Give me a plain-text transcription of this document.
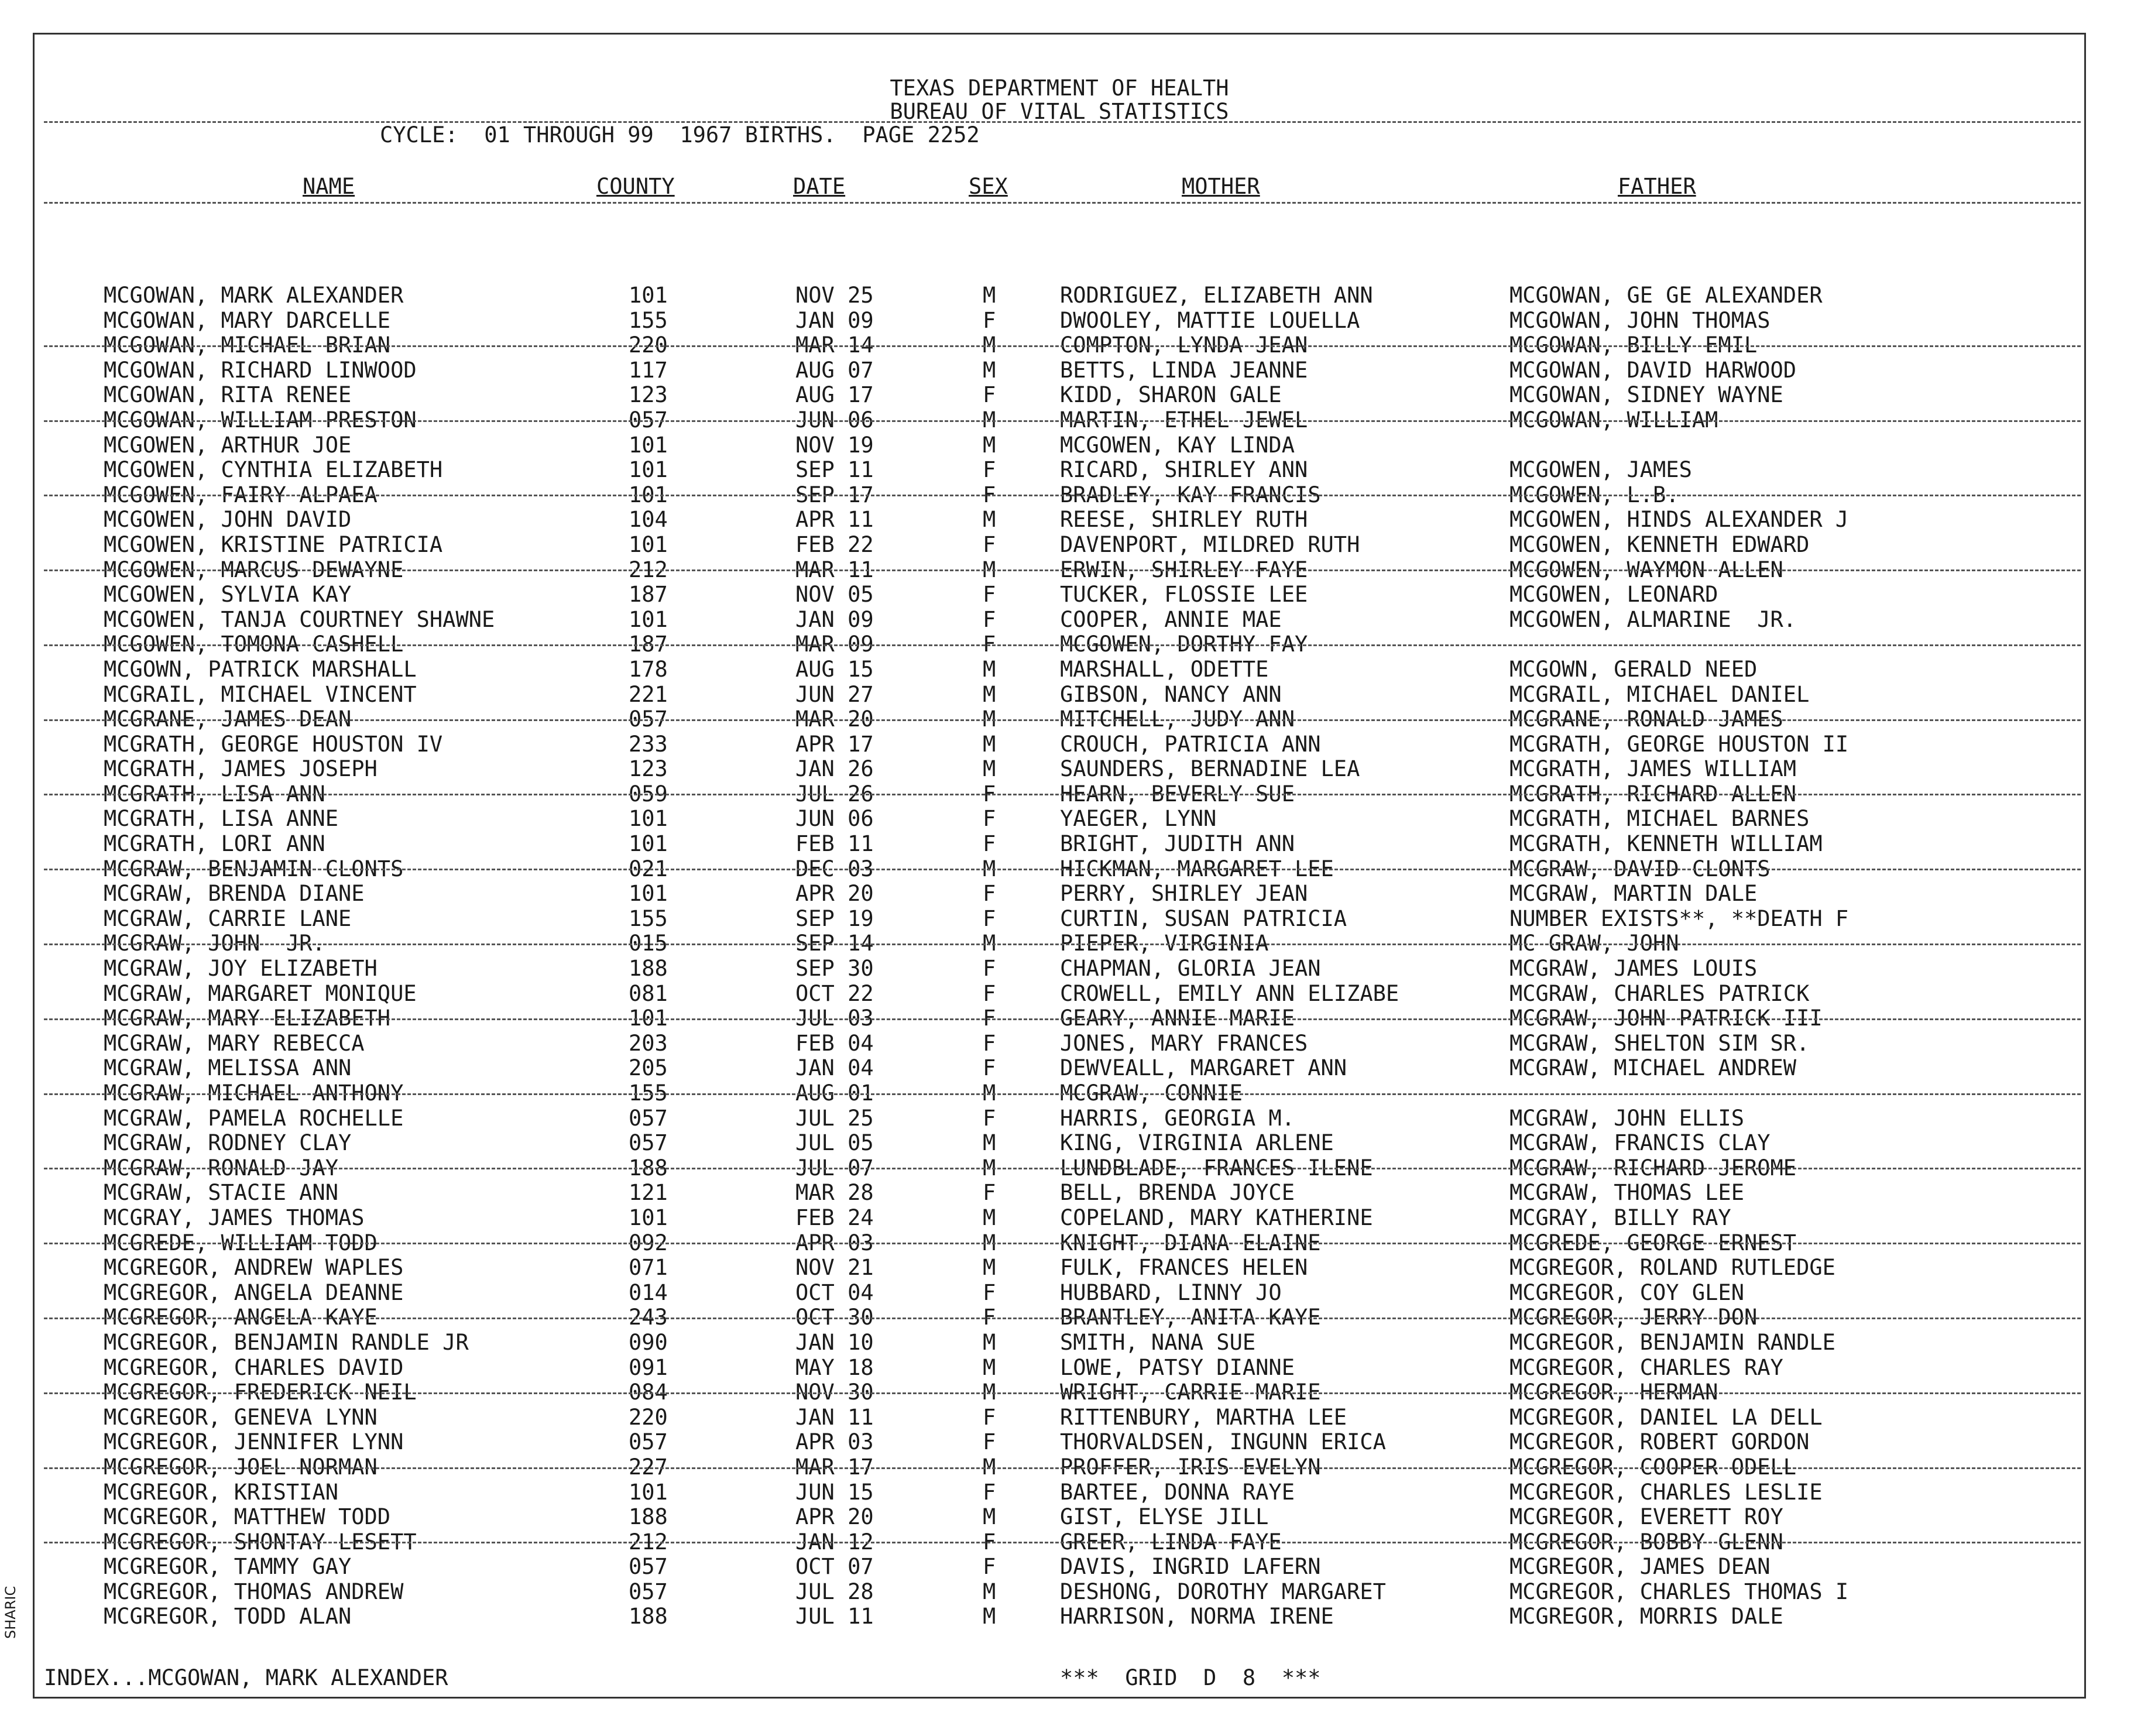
TEXAS DEPARTMENT OF HEALTH
BUREAU OF VITAL STATISTICS
CYCLE:  01 THROUGH 99  1967 BIRTHS.  PAGE 2252
NAME	COUNTY	DATE	SEX	MOTHER	FATHER
MCGOWAN, MARK ALEXANDER	101	NOV 25	M	RODRIGUEZ, ELIZABETH ANN	MCGOWAN, GE GE ALEXANDER
MCGOWAN, MARY DARCELLE	155	JAN 09	F	DWOOLEY, MATTIE LOUELLA	MCGOWAN, JOHN THOMAS
MCGOWAN, MICHAEL BRIAN	220	MAR 14	M	COMPTON, LYNDA JEAN	MCGOWAN, BILLY EMIL
MCGOWAN, RICHARD LINWOOD	117	AUG 07	M	BETTS, LINDA JEANNE	MCGOWAN, DAVID HARWOOD
MCGOWAN, RITA RENEE	123	AUG 17	F	KIDD, SHARON GALE	MCGOWAN, SIDNEY WAYNE
MCGOWAN, WILLIAM PRESTON	057	JUN 06	M	MARTIN, ETHEL JEWEL	MCGOWAN, WILLIAM
MCGOWEN, ARTHUR JOE	101	NOV 19	M	MCGOWEN, KAY LINDA
MCGOWEN, CYNTHIA ELIZABETH	101	SEP 11	F	RICARD, SHIRLEY ANN	MCGOWEN, JAMES
MCGOWEN, FAIRY ALPAEA	101	SEP 17	F	BRADLEY, KAY FRANCIS	MCGOWEN, L.B.
MCGOWEN, JOHN DAVID	104	APR 11	M	REESE, SHIRLEY RUTH	MCGOWEN, HINDS ALEXANDER J
MCGOWEN, KRISTINE PATRICIA	101	FEB 22	F	DAVENPORT, MILDRED RUTH	MCGOWEN, KENNETH EDWARD
MCGOWEN, MARCUS DEWAYNE	212	MAR 11	M	ERWIN, SHIRLEY FAYE	MCGOWEN, WAYMON ALLEN
MCGOWEN, SYLVIA KAY	187	NOV 05	F	TUCKER, FLOSSIE LEE	MCGOWEN, LEONARD
MCGOWEN, TANJA COURTNEY SHAWNE	101	JAN 09	F	COOPER, ANNIE MAE	MCGOWEN, ALMARINE  JR.
MCGOWEN, TOMONA CASHELL	187	MAR 09	F	MCGOWEN, DORTHY FAY
MCGOWN, PATRICK MARSHALL	178	AUG 15	M	MARSHALL, ODETTE	MCGOWN, GERALD NEED
MCGRAIL, MICHAEL VINCENT	221	JUN 27	M	GIBSON, NANCY ANN	MCGRAIL, MICHAEL DANIEL
MCGRANE, JAMES DEAN	057	MAR 20	M	MITCHELL, JUDY ANN	MCGRANE, RONALD JAMES
MCGRATH, GEORGE HOUSTON IV	233	APR 17	M	CROUCH, PATRICIA ANN	MCGRATH, GEORGE HOUSTON II
MCGRATH, JAMES JOSEPH	123	JAN 26	M	SAUNDERS, BERNADINE LEA	MCGRATH, JAMES WILLIAM
MCGRATH, LISA ANN	059	JUL 26	F	HEARN, BEVERLY SUE	MCGRATH, RICHARD ALLEN
MCGRATH, LISA ANNE	101	JUN 06	F	YAEGER, LYNN	MCGRATH, MICHAEL BARNES
MCGRATH, LORI ANN	101	FEB 11	F	BRIGHT, JUDITH ANN	MCGRATH, KENNETH WILLIAM
MCGRAW, BENJAMIN CLONTS	021	DEC 03	M	HICKMAN, MARGARET LEE	MCGRAW, DAVID CLONTS
MCGRAW, BRENDA DIANE	101	APR 20	F	PERRY, SHIRLEY JEAN	MCGRAW, MARTIN DALE
MCGRAW, CARRIE LANE	155	SEP 19	F	CURTIN, SUSAN PATRICIA	NUMBER EXISTS**, **DEATH F
MCGRAW, JOHN  JR.	015	SEP 14	M	PIEPER, VIRGINIA	MC GRAW, JOHN
MCGRAW, JOY ELIZABETH	188	SEP 30	F	CHAPMAN, GLORIA JEAN	MCGRAW, JAMES LOUIS
MCGRAW, MARGARET MONIQUE	081	OCT 22	F	CROWELL, EMILY ANN ELIZABE	MCGRAW, CHARLES PATRICK
MCGRAW, MARY ELIZABETH	101	JUL 03	F	GEARY, ANNIE MARIE	MCGRAW, JOHN PATRICK III
MCGRAW, MARY REBECCA	203	FEB 04	F	JONES, MARY FRANCES	MCGRAW, SHELTON SIM SR.
MCGRAW, MELISSA ANN	205	JAN 04	F	DEWVEALL, MARGARET ANN	MCGRAW, MICHAEL ANDREW
MCGRAW, MICHAEL ANTHONY	155	AUG 01	M	MCGRAW, CONNIE
MCGRAW, PAMELA ROCHELLE	057	JUL 25	F	HARRIS, GEORGIA M.	MCGRAW, JOHN ELLIS
MCGRAW, RODNEY CLAY	057	JUL 05	M	KING, VIRGINIA ARLENE	MCGRAW, FRANCIS CLAY
MCGRAW, RONALD JAY	188	JUL 07	M	LUNDBLADE, FRANCES ILENE	MCGRAW, RICHARD JEROME
MCGRAW, STACIE ANN	121	MAR 28	F	BELL, BRENDA JOYCE	MCGRAW, THOMAS LEE
MCGRAY, JAMES THOMAS	101	FEB 24	M	COPELAND, MARY KATHERINE	MCGRAY, BILLY RAY
MCGREDE, WILLIAM TODD	092	APR 03	M	KNIGHT, DIANA ELAINE	MCGREDE, GEORGE ERNEST
MCGREGOR, ANDREW WAPLES	071	NOV 21	M	FULK, FRANCES HELEN	MCGREGOR, ROLAND RUTLEDGE
MCGREGOR, ANGELA DEANNE	014	OCT 04	F	HUBBARD, LINNY JO	MCGREGOR, COY GLEN
MCGREGOR, ANGELA KAYE	243	OCT 30	F	BRANTLEY, ANITA KAYE	MCGREGOR, JERRY DON
MCGREGOR, BENJAMIN RANDLE JR	090	JAN 10	M	SMITH, NANA SUE	MCGREGOR, BENJAMIN RANDLE
MCGREGOR, CHARLES DAVID	091	MAY 18	M	LOWE, PATSY DIANNE	MCGREGOR, CHARLES RAY
MCGREGOR, FREDERICK NEIL	084	NOV 30	M	WRIGHT, CARRIE MARIE	MCGREGOR, HERMAN
MCGREGOR, GENEVA LYNN	220	JAN 11	F	RITTENBURY, MARTHA LEE	MCGREGOR, DANIEL LA DELL
MCGREGOR, JENNIFER LYNN	057	APR 03	F	THORVALDSEN, INGUNN ERICA	MCGREGOR, ROBERT GORDON
MCGREGOR, JOEL NORMAN	227	MAR 17	M	PROFFER, IRIS EVELYN	MCGREGOR, COOPER ODELL
MCGREGOR, KRISTIAN	101	JUN 15	F	BARTEE, DONNA RAYE	MCGREGOR, CHARLES LESLIE
MCGREGOR, MATTHEW TODD	188	APR 20	M	GIST, ELYSE JILL	MCGREGOR, EVERETT ROY
MCGREGOR, SHONTAY LESETT	212	JAN 12	F	GREER, LINDA FAYE	MCGREGOR, BOBBY GLENN
MCGREGOR, TAMMY GAY	057	OCT 07	F	DAVIS, INGRID LAFERN	MCGREGOR, JAMES DEAN
MCGREGOR, THOMAS ANDREW	057	JUL 28	M	DESHONG, DOROTHY MARGARET	MCGREGOR, CHARLES THOMAS I
MCGREGOR, TODD ALAN	188	JUL 11	M	HARRISON, NORMA IRENE	MCGREGOR, MORRIS DALE
INDEX...MCGOWAN, MARK ALEXANDER	***  GRID  D  8  ***
SHARIC
